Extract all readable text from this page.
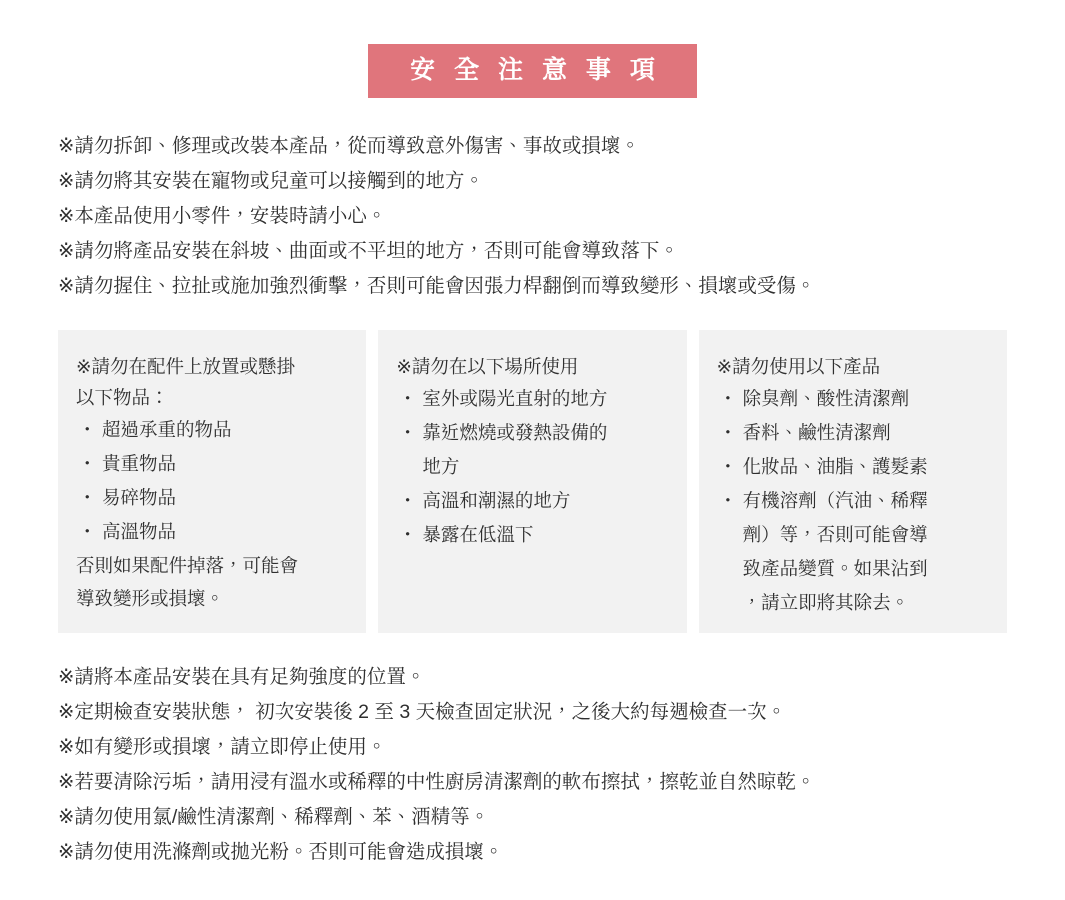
安 全 注 意 事 項
※請勿拆卸、修理或改裝本產品，從而導致意外傷害、事故或損壞。
※請勿將其安裝在寵物或兒童可以接觸到的地方。
※本產品使用小零件，安裝時請小心。
※請勿將產品安裝在斜坡、曲面或不平坦的地方，否則可能會導致落下。
※請勿握住、拉扯或施加強烈衝擊，否則可能會因張力桿翻倒而導致變形、損壞或受傷。
※請勿在配件上放置或懸掛
以下物品：
・ 超過承重的物品
・ 貴重物品
・ 易碎物品
・ 高溫物品
否則如果配件掉落，可能會
導致變形或損壞。
※請勿在以下場所使用
・ 室外或陽光直射的地方
・ 靠近燃燒或發熱設備的
地方
・ 高溫和潮濕的地方
・ 暴露在低溫下
※請勿使用以下產品
・ 除臭劑、酸性清潔劑
・ 香料、鹼性清潔劑
・ 化妝品、油脂、護髮素
・ 有機溶劑（汽油、稀釋
劑）等，否則可能會導
致產品變質。如果沾到
，請立即將其除去。
※請將本產品安裝在具有足夠強度的位置。
※定期檢查安裝狀態， 初次安裝後 2 至 3 天檢查固定狀況，之後大約每週檢查一次。
※如有變形或損壞，請立即停止使用。
※若要清除污垢，請用浸有溫水或稀釋的中性廚房清潔劑的軟布擦拭，擦乾並自然晾乾。
※請勿使用氯/鹼性清潔劑、稀釋劑、苯、酒精等。
※請勿使用洗滌劑或拋光粉。否則可能會造成損壞。
